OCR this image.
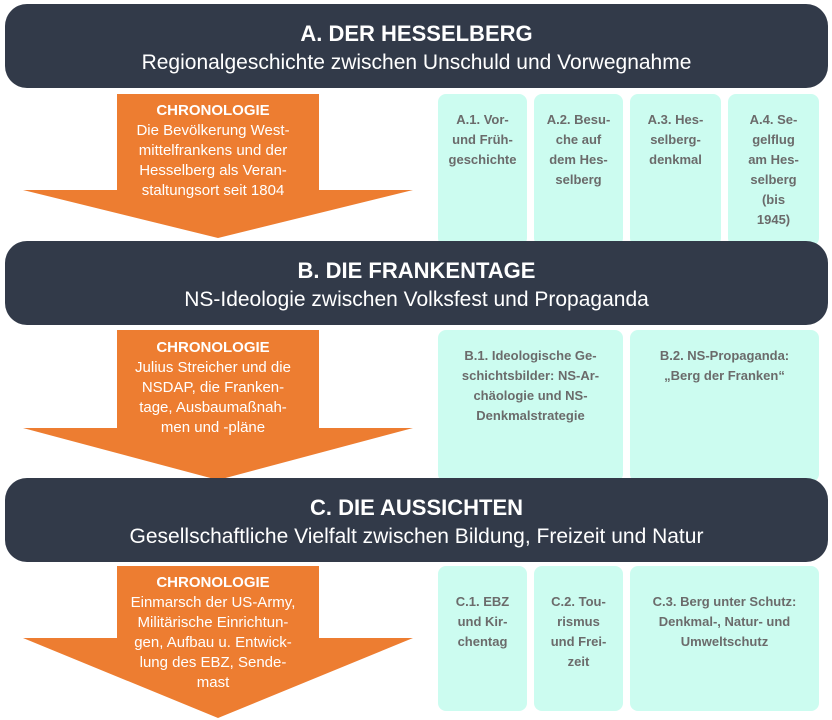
A.1. Vor-
und Früh-
geschichte
A.2. Besu-
che auf
dem Hes-
selberg
A.3. Hes-
selberg-
denkmal
A.4. Se-
gelflug
am Hes-
selberg
(bis
1945)
B.1. Ideologische Ge-
schichtsbilder: NS-Ar-
chäologie und NS-
Denkmalstrategie
B.2. NS-Propaganda:
„Berg der Franken“
C.1. EBZ
und Kir-
chentag
C.2. Tou-
rismus
und Frei-
zeit
C.3. Berg unter Schutz:
Denkmal-, Natur- und
Umweltschutz
CHRONOLOGIE
Die Bevölkerung West-
mittelfrankens und der
Hesselberg als Veran-
staltungsort seit 1804
CHRONOLOGIE
Julius Streicher und die
NSDAP, die Franken-
tage, Ausbaumaßnah-
men und -pläne
CHRONOLOGIE
Einmarsch der US-Army,
Militärische Einrichtun-
gen, Aufbau u. Entwick-
lung des EBZ, Sende-
mast
A. DER HESSELBERG
Regionalgeschichte zwischen Unschuld und Vorwegnahme
B. DIE FRANKENTAGE
NS-Ideologie zwischen Volksfest und Propaganda
C. DIE AUSSICHTEN
Gesellschaftliche Vielfalt zwischen Bildung, Freizeit und Natur
